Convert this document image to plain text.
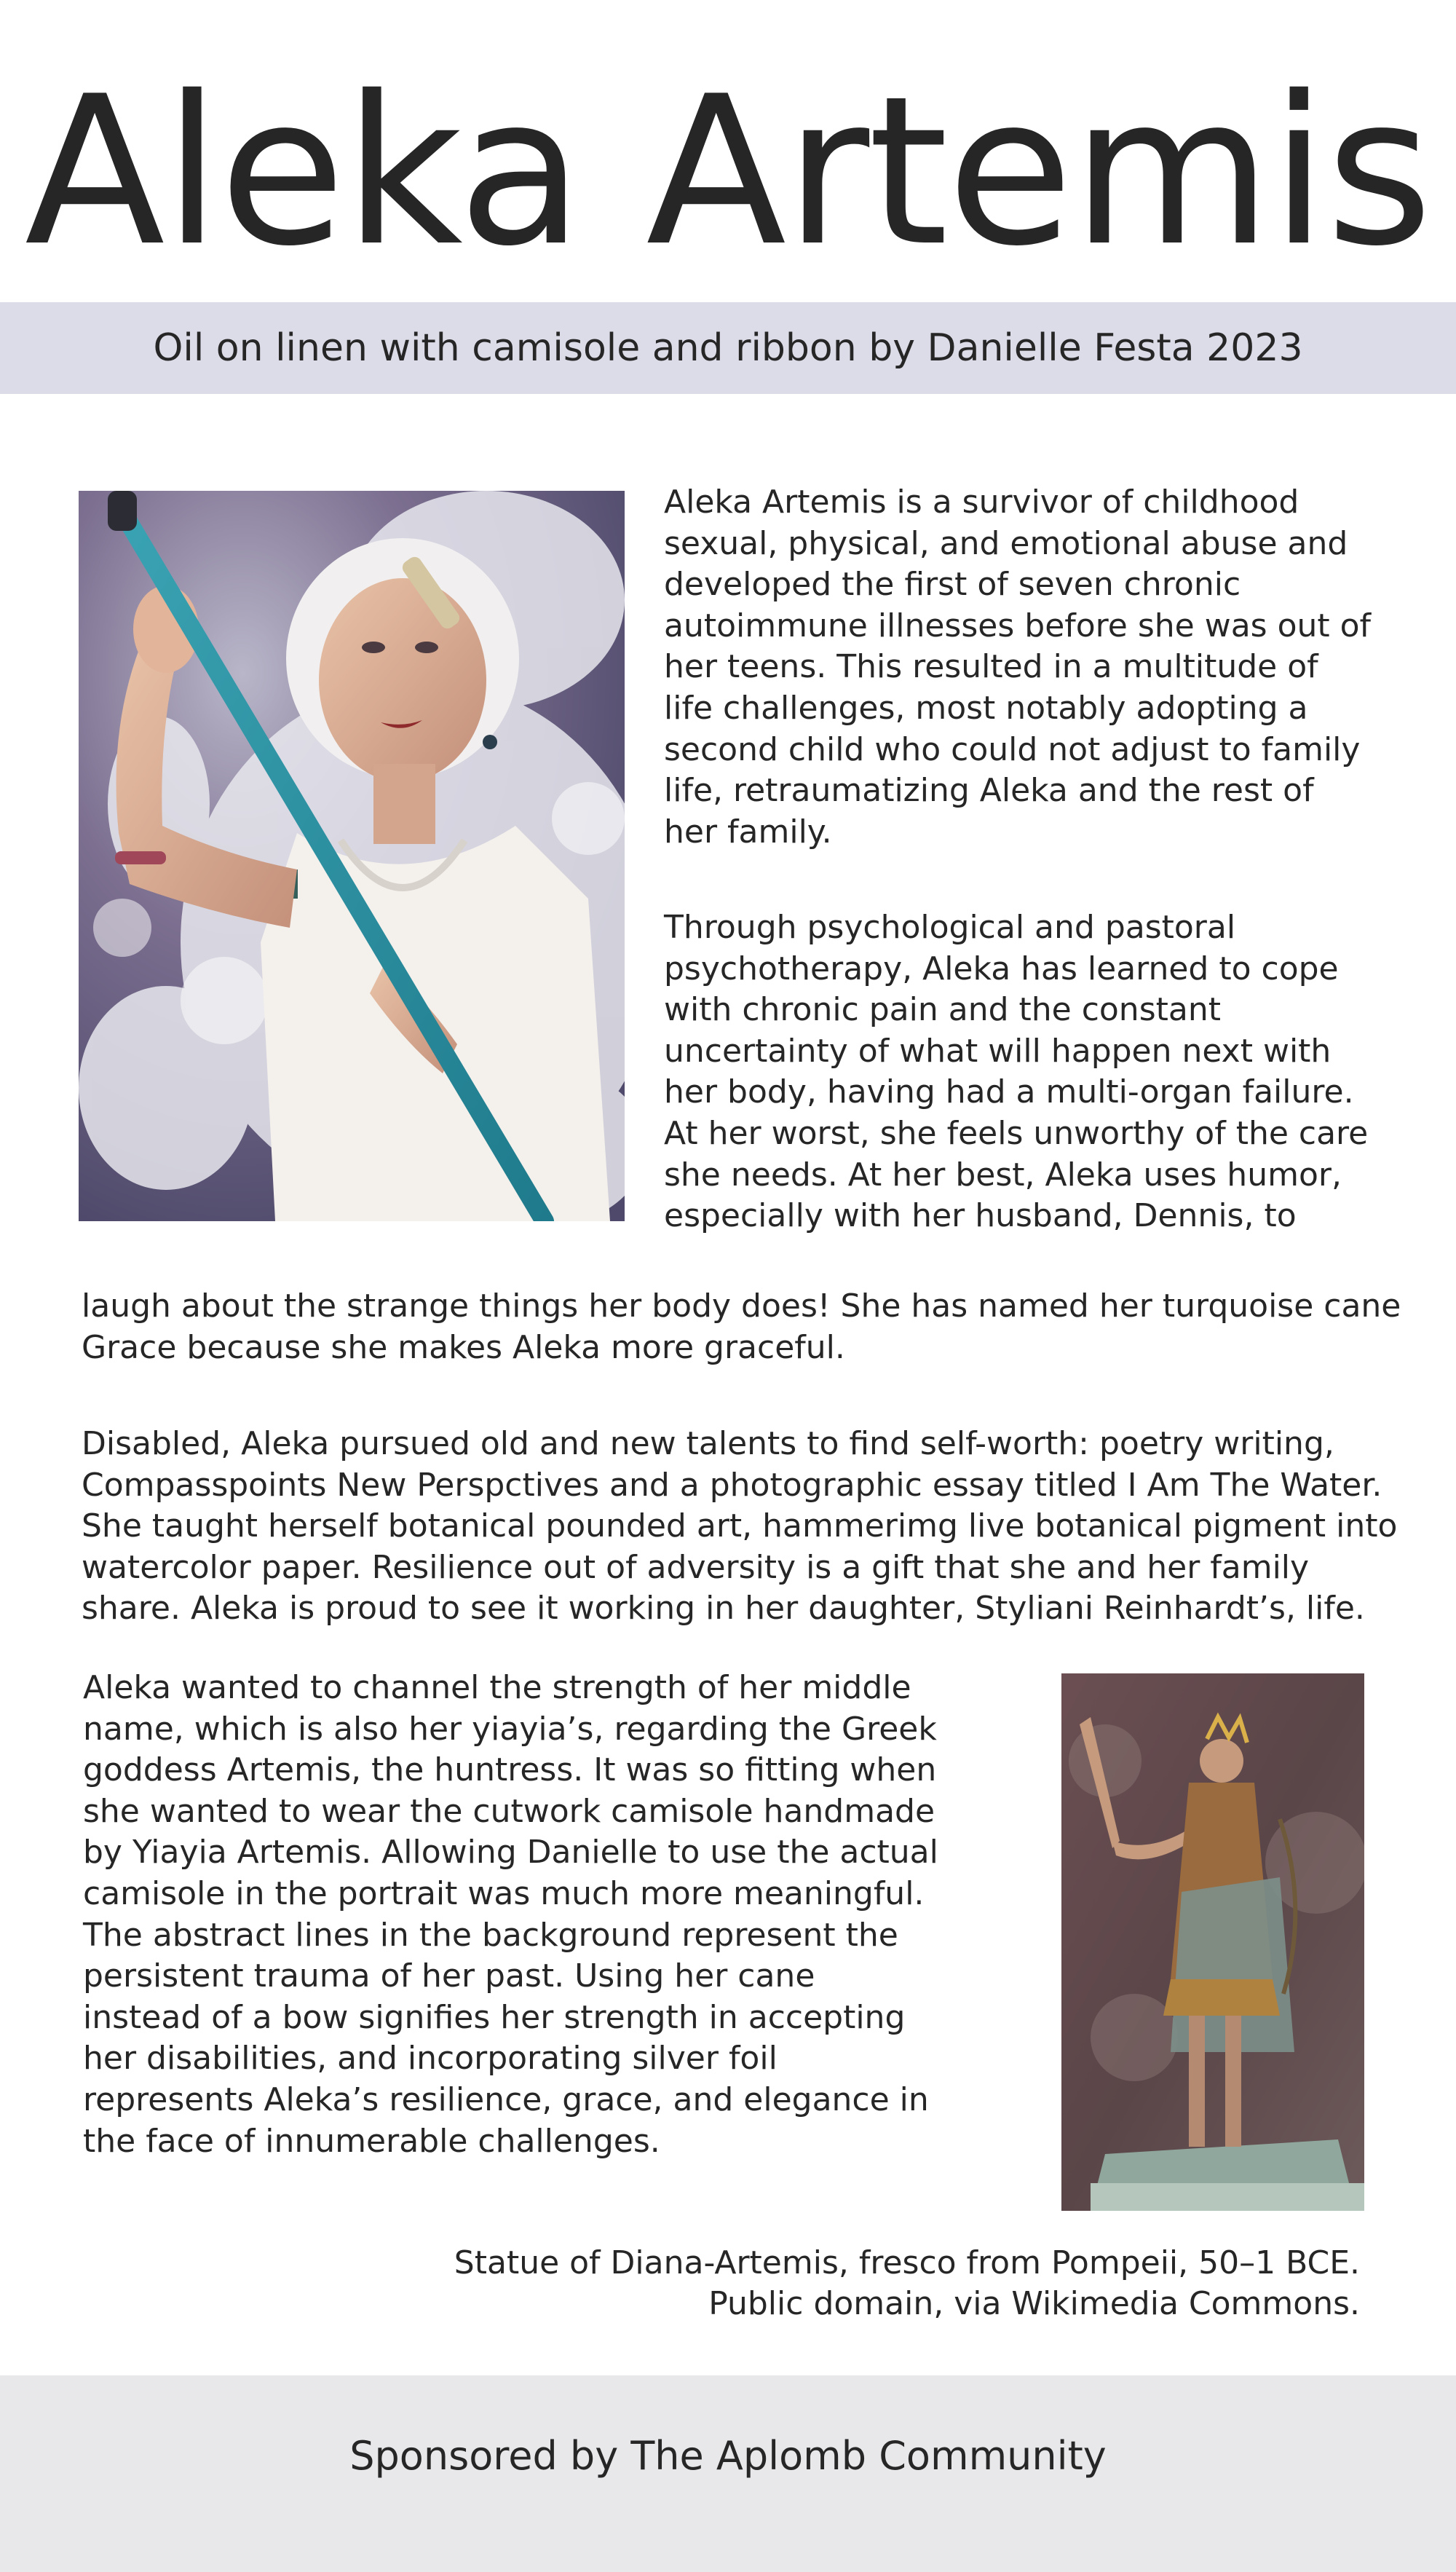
Aleka Artemis
Oil on linen with camisole and ribbon by Danielle Festa 2023

Aleka Artemis is a survivor of childhood
sexual, physical, and emotional abuse and
developed the first of seven chronic
autoimmune illnesses before she was out of
her teens. This resulted in a multitude of
life challenges, most notably adopting a
second child who could not adjust to family
life, retraumatizing Aleka and the rest of
her family.

Through psychological and pastoral
psychotherapy, Aleka has learned to cope
with chronic pain and the constant
uncertainty of what will happen next with
her body, having had a multi-organ failure.
At her worst, she feels unworthy of the care
she needs. At her best, Aleka uses humor,
especially with her husband, Dennis, to

laugh about the strange things her body does! She has named her turquoise cane
Grace because she makes Aleka more graceful.

Disabled, Aleka pursued old and new talents to find self-worth: poetry writing,
Compasspoints New Perspctives and a photographic essay titled I Am The Water.
She taught herself botanical pounded art, hammerimg live botanical pigment into
watercolor paper. Resilience out of adversity is a gift that she and her family
share. Aleka is proud to see it working in her daughter, Styliani Reinhardt’s, life.

Aleka wanted to channel the strength of her middle
name, which is also her yiayia’s, regarding the Greek
goddess Artemis, the huntress. It was so fitting when
she wanted to wear the cutwork camisole handmade
by Yiayia Artemis. Allowing Danielle to use the actual
camisole in the portrait was much more meaningful.
The abstract lines in the background represent the
persistent trauma of her past. Using her cane
instead of a bow signifies her strength in accepting
her disabilities, and incorporating silver foil
represents Aleka’s resilience, grace, and elegance in
the face of innumerable challenges.

Statue of Diana-Artemis, fresco from Pompeii, 50–1 BCE.
Public domain, via Wikimedia Commons.
Sponsored by The Aplomb Community
